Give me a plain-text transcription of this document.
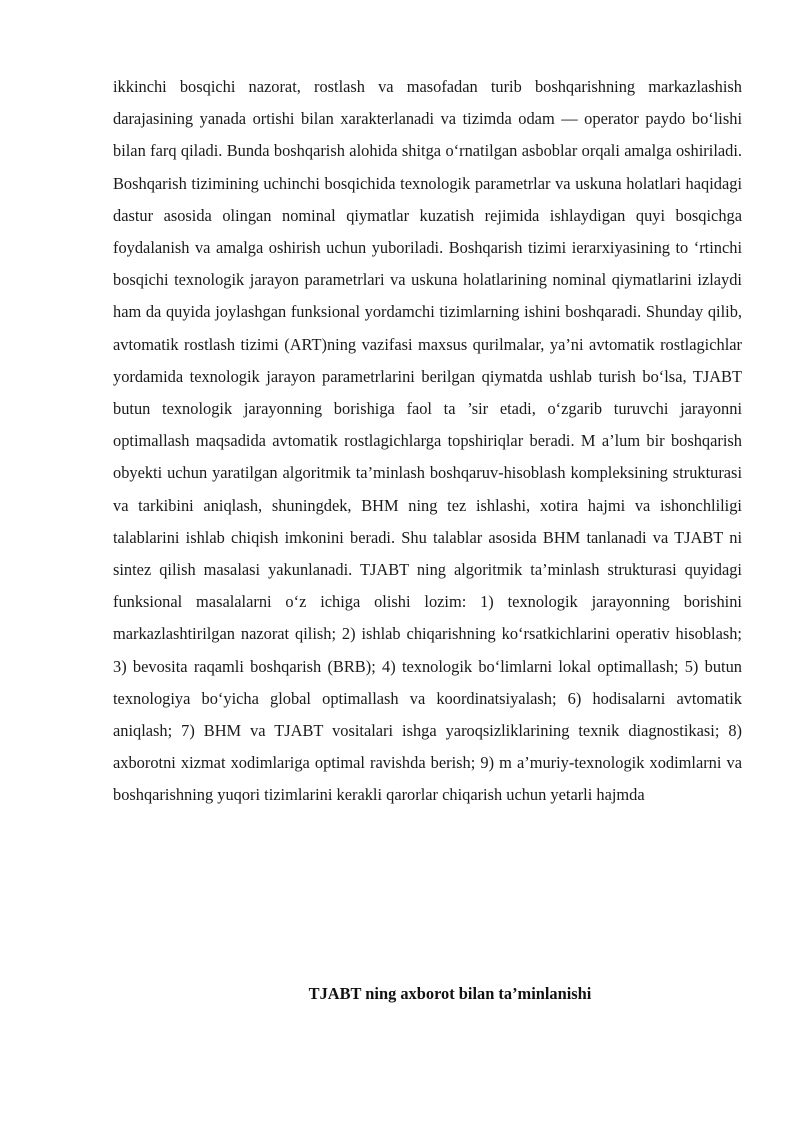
ikkinchi bosqichi nazorat, rostlash va masofadan turib boshqarishning markazlashish darajasining yanada ortishi bilan xarakterlanadi va tizimda odam — operator paydo bo‘lishi bilan farq qiladi. Bunda boshqarish alohida shitga o‘rnatilgan asboblar orqali amalga oshiriladi. Boshqarish tizimining uchinchi bosqichida texnologik parametrlar va uskuna holatlari haqidagi dastur asosida olingan nominal qiymatlar kuzatish rejimida ishlaydigan quyi bosqichga foydalanish va amalga oshirish uchun yuboriladi. Boshqarish tizimi ierarxiyasining to ‘rtinchi bosqichi texnologik jarayon parametrlari va uskuna holatlarining nominal qiymatlarini izlaydi ham da quyida joylashgan funksional yordamchi tizimlarning ishini boshqaradi. Shunday qilib, avtomatik rostlash tizimi (ART)ning vazifasi maxsus qurilmalar, ya’ni avtomatik rostlagichlar yordamida texnologik jarayon parametrlarini berilgan qiymatda ushlab turish bo‘lsa, TJABT butun texnologik jarayonning borishiga faol ta ’sir etadi, o‘zgarib turuvchi jarayonni optimallash maqsadida avtomatik rostlagichlarga topshiriqlar beradi. M a’lum bir boshqarish obyekti uchun yaratilgan algoritmik ta’minlash boshqaruv-hisoblash kompleksining strukturasi va tarkibini aniqlash, shuningdek, BHM ning tez ishlashi, xotira hajmi va ishonchliligi talablarini ishlab chiqish imkonini beradi. Shu talablar asosida BHM tanlanadi va TJABT ni sintez qilish masalasi yakunlanadi. TJABT ning algoritmik ta’minlash strukturasi quyidagi funksional masalalarni o‘z ichiga olishi lozim: 1) texnologik jarayonning borishini markazlashtirilgan nazorat qilish; 2) ishlab chiqarishning ko‘rsatkichlarini operativ hisoblash; 3) bevosita raqamli boshqarish (BRB); 4) texnologik bo‘limlarni lokal optimallash; 5) butun texnologiya bo‘yicha global optimallash va koordinatsiyalash; 6) hodisalarni avtomatik aniqlash; 7) BHM va TJABT vositalari ishga yaroqsizliklarining texnik diagnostikasi; 8) axborotni xizmat xodimlariga optimal ravishda berish; 9) m a’muriy-texnologik xodimlarni va boshqarishning yuqori tizimlarini kerakli qarorlar chiqarish uchun yetarli hajmda

TJABT ning axborot bilan ta’minlanishi
